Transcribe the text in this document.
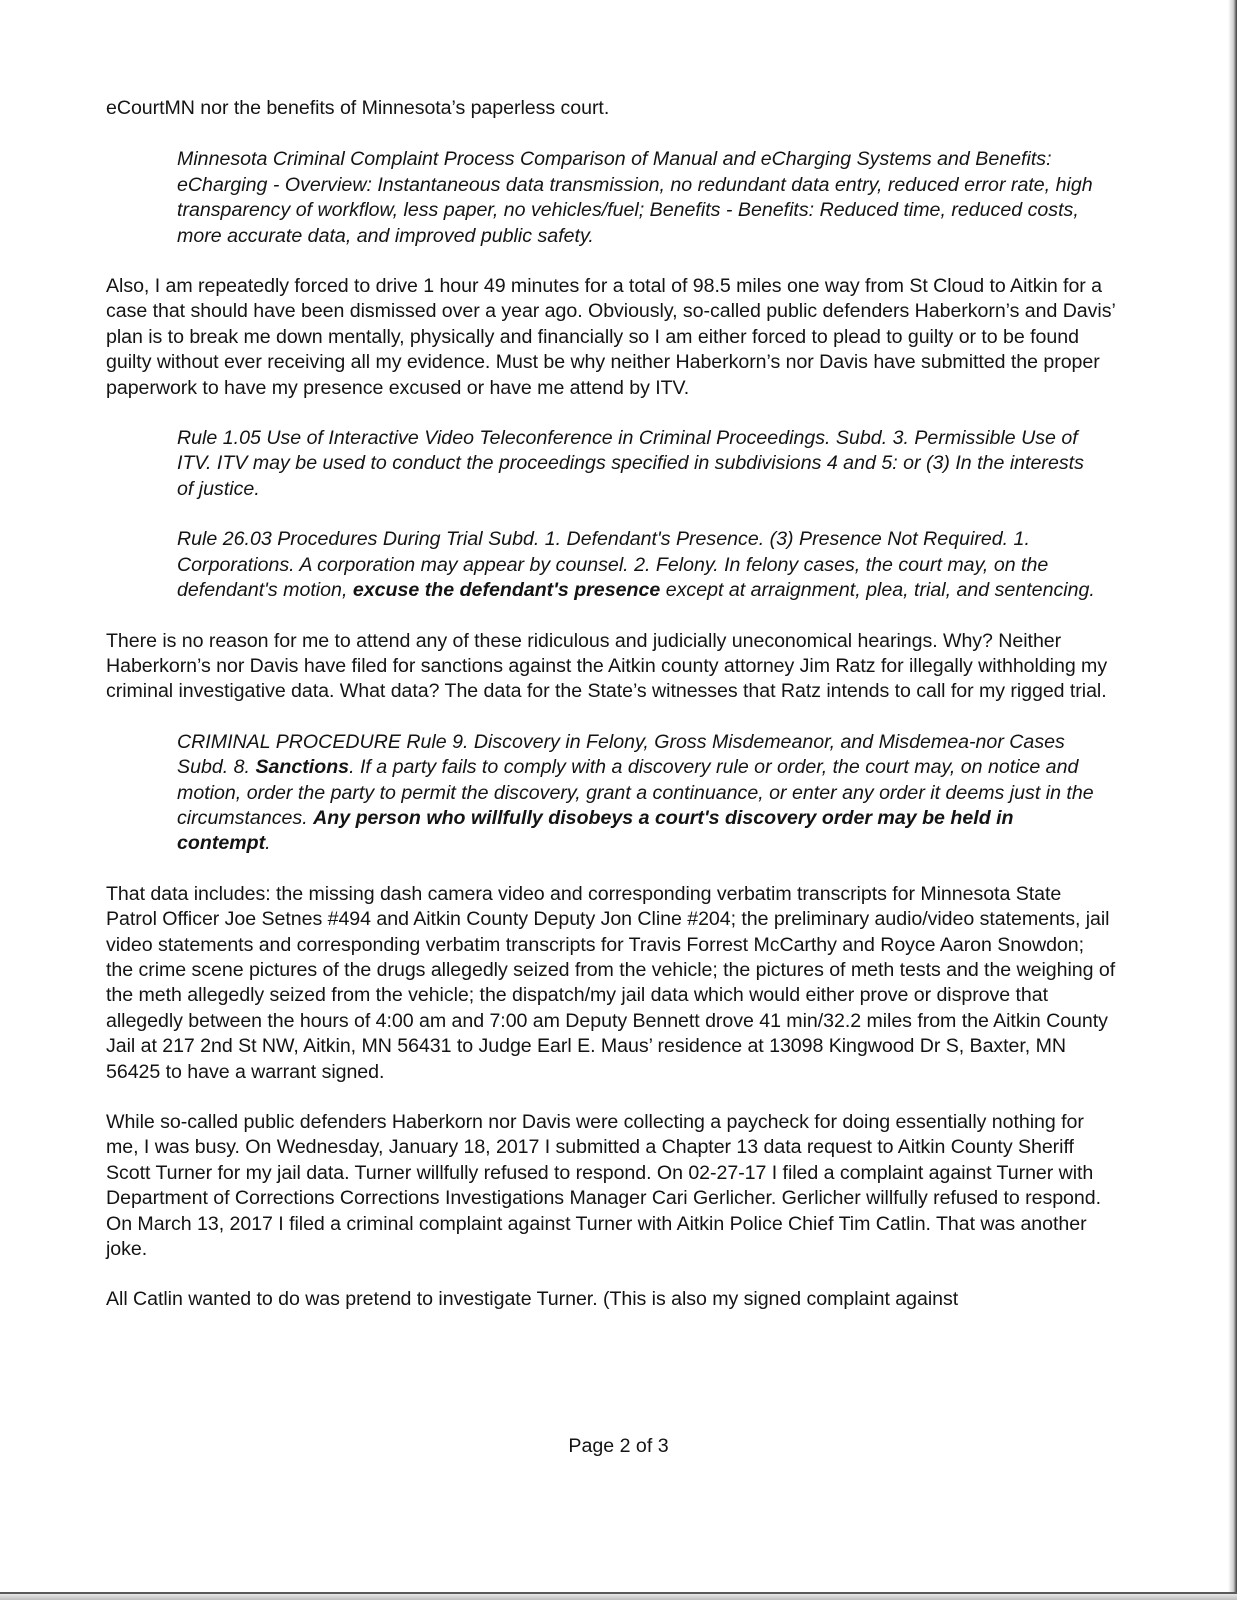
eCourtMN nor the benefits of Minnesota’s paperless court.

Minnesota Criminal Complaint Process Comparison of Manual and eCharging Systems and Benefits: eCharging - Overview: Instantaneous data transmission, no redundant data entry, reduced error rate, high transparency of workflow, less paper, no vehicles/fuel; Benefits - Benefits: Reduced time, reduced costs, more accurate data, and improved public safety.

Also, I am repeatedly forced to drive 1 hour 49 minutes for a total of 98.5 miles one way from St Cloud to Aitkin for a case that should have been dismissed over a year ago. Obviously, so-called public defenders Haberkorn’s and Davis’ plan is to break me down mentally, physically and financially so I am either forced to plead to guilty or to be found guilty without ever receiving all my evidence. Must be why neither Haberkorn’s nor Davis have submitted the proper paperwork to have my presence excused or have me attend by ITV.

Rule 1.05 Use of Interactive Video Teleconference in Criminal Proceedings. Subd. 3. Permissible Use of ITV. ITV may be used to conduct the proceedings specified in subdivisions 4 and 5: or (3) In the interests of justice.

Rule 26.03 Procedures During Trial Subd. 1. Defendant's Presence. (3) Presence Not Required. 1. Corporations. A corporation may appear by counsel. 2. Felony. In felony cases, the court may, on the defendant's motion, excuse the defendant's presence except at arraignment, plea, trial, and sentencing.

There is no reason for me to attend any of these ridiculous and judicially uneconomical hearings. Why? Neither Haberkorn’s nor Davis have filed for sanctions against the Aitkin county attorney Jim Ratz for illegally withholding my criminal investigative data. What data? The data for the State’s witnesses that Ratz intends to call for my rigged trial.

CRIMINAL PROCEDURE Rule 9. Discovery in Felony, Gross Misdemeanor, and Misdemea-nor Cases Subd. 8. Sanctions. If a party fails to comply with a discovery rule or order, the court may, on notice and motion, order the party to permit the discovery, grant a continuance, or enter any order it deems just in the circumstances. Any person who willfully disobeys a court's discovery order may be held in contempt.

That data includes: the missing dash camera video and corresponding verbatim transcripts for Minnesota State Patrol Officer Joe Setnes #494 and Aitkin County Deputy Jon Cline #204; the preliminary audio/video statements, jail video statements and corresponding verbatim transcripts for Travis Forrest McCarthy and Royce Aaron Snowdon; the crime scene pictures of the drugs allegedly seized from the vehicle; the pictures of meth tests and the weighing of the meth allegedly seized from the vehicle; the dispatch/my jail data which would either prove or disprove that allegedly between the hours of 4:00 am and 7:00 am Deputy Bennett drove 41 min/32.2 miles from the Aitkin County Jail at 217 2nd St NW, Aitkin, MN 56431 to Judge Earl E. Maus’ residence at 13098 Kingwood Dr S, Baxter, MN 56425 to have a warrant signed.

While so-called public defenders Haberkorn nor Davis were collecting a paycheck for doing essentially nothing for me, I was busy. On Wednesday, January 18, 2017 I submitted a Chapter 13 data request to Aitkin County Sheriff Scott Turner for my jail data. Turner willfully refused to respond. On 02-27-17 I filed a complaint against Turner with Department of Corrections Corrections Investigations Manager Cari Gerlicher. Gerlicher willfully refused to respond. On March 13, 2017 I filed a criminal complaint against Turner with Aitkin Police Chief Tim Catlin. That was another joke.

All Catlin wanted to do was pretend to investigate Turner. (This is also my signed complaint against

Page 2 of 3
